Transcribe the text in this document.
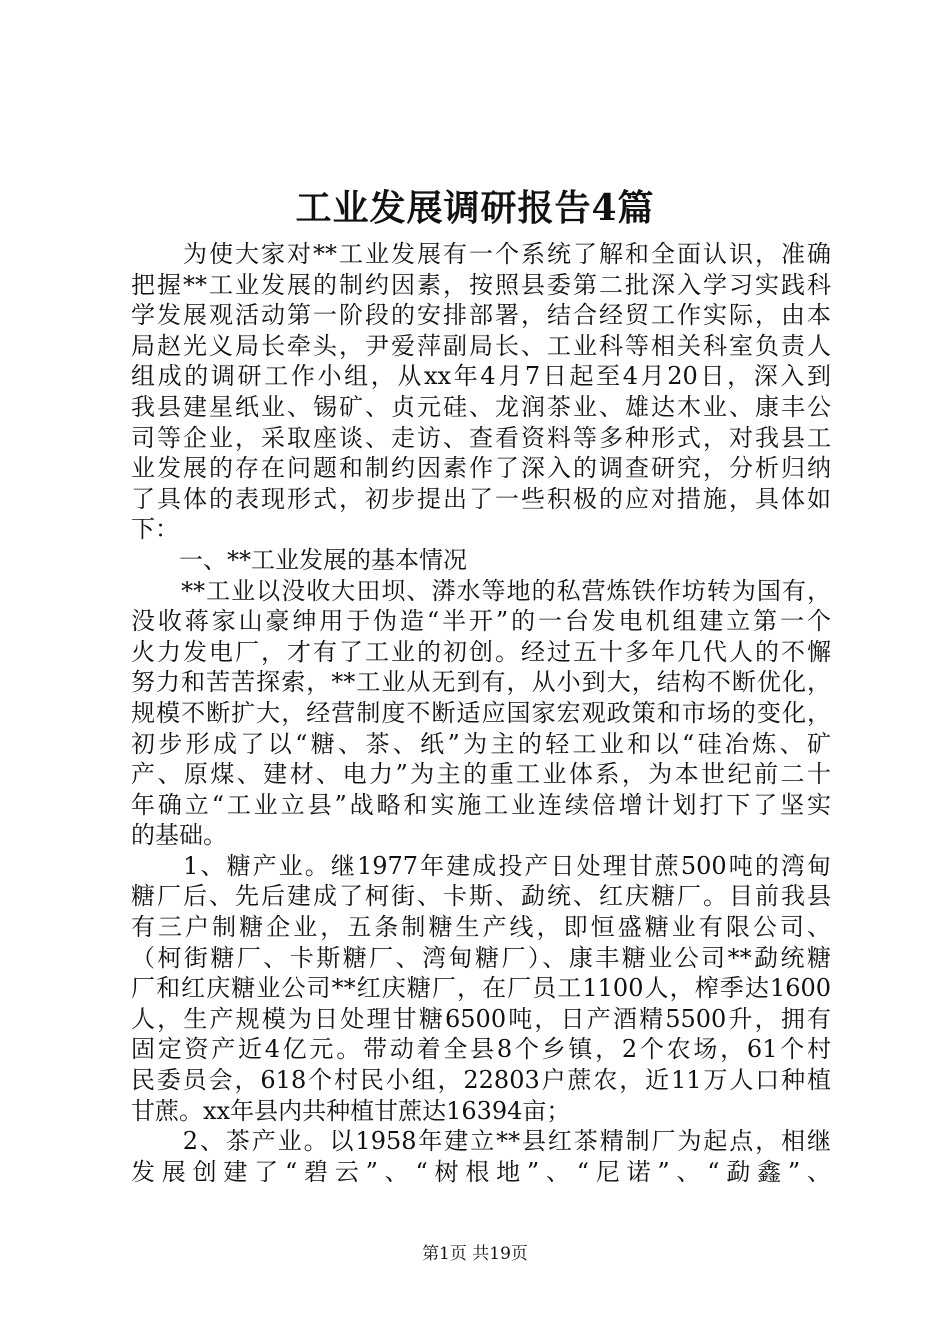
工业发展调研报告4篇
　　为使大家对**工业发展有一个系统了解和全面认识，准确
把握**工业发展的制约因素，按照县委第二批深入学习实践科
学发展观活动第一阶段的安排部署，结合经贸工作实际，由本
局赵光义局长牵头，尹爱萍副局长、工业科等相关科室负责人
组成的调研工作小组，从xx年4月7日起至4月20日，深入到
我县建星纸业、锡矿、贞元硅、龙润茶业、雄达木业、康丰公
司等企业，采取座谈、走访、查看资料等多种形式，对我县工
业发展的存在问题和制约因素作了深入的调查研究，分析归纳
了具体的表现形式，初步提出了一些积极的应对措施，具体如
下：
　　一、**工业发展的基本情况
　　**工业以没收大田坝、漭水等地的私营炼铁作坊转为国有，
没收蒋家山豪绅用于伪造“半开”的一台发电机组建立第一个
火力发电厂，才有了工业的初创。经过五十多年几代人的不懈
努力和苦苦探索，**工业从无到有，从小到大，结构不断优化，
规模不断扩大，经营制度不断适应国家宏观政策和市场的变化，
初步形成了以“糖、茶、纸”为主的轻工业和以“硅冶炼、矿
产、原煤、建材、电力”为主的重工业体系，为本世纪前二十
年确立“工业立县”战略和实施工业连续倍增计划打下了坚实
的基础。
　　1、糖产业。继1977年建成投产日处理甘蔗500吨的湾甸
糖厂后、先后建成了柯街、卡斯、勐统、红庆糖厂。目前我县
有三户制糖企业，五条制糖生产线，即恒盛糖业有限公司、
（柯街糖厂、卡斯糖厂、湾甸糖厂）、康丰糖业公司**勐统糖
厂和红庆糖业公司**红庆糖厂，在厂员工1100人，榨季达1600
人，生产规模为日处理甘糖6500吨，日产酒精5500升，拥有
固定资产近4亿元。带动着全县8个乡镇，2个农场，61个村
民委员会，618个村民小组，22803户蔗农，近11万人口种植
甘蔗。xx年县内共种植甘蔗达16394亩；
　　2、茶产业。以1958年建立**县红茶精制厂为起点，相继
发展创建了“碧云”、“树根地”、“尼诺”、“勐鑫”、
第1页 共19页
